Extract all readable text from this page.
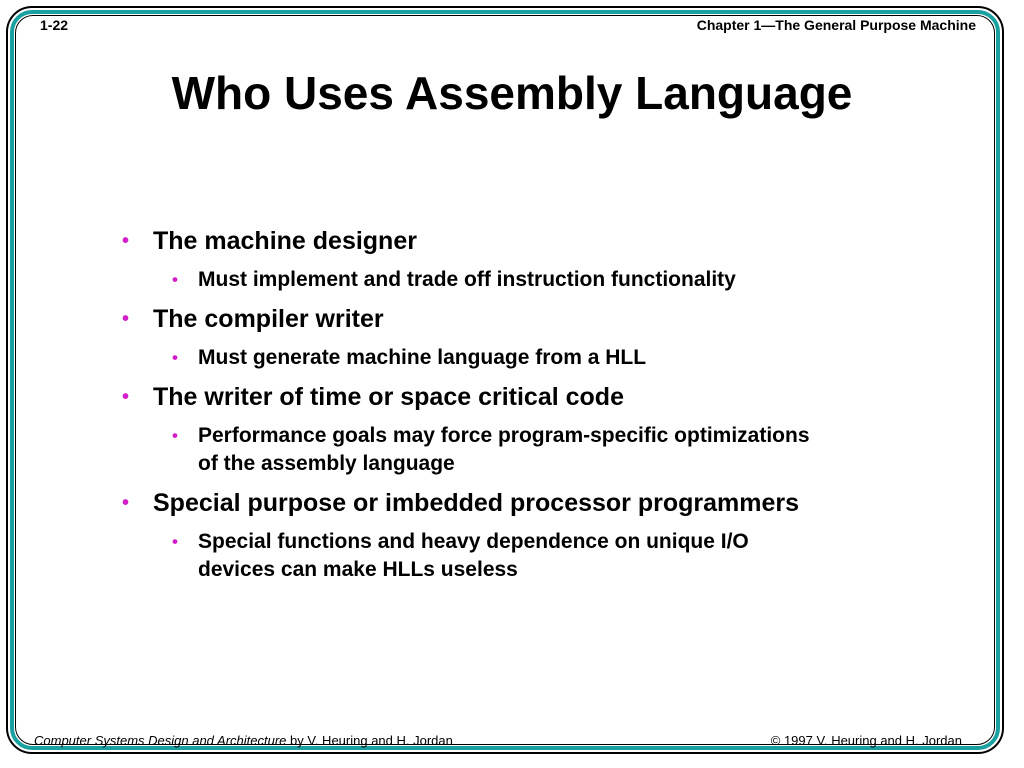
1-22	Chapter 1—The General Purpose Machine
Who Uses Assembly Language
• The machine designer
• Must implement and trade off instruction functionality
• The compiler writer
• Must generate machine language from a HLL
• The writer of time or space critical code
• Performance goals may force program-specific optimizations of the assembly language
• Special purpose or imbedded processor programmers
• Special functions and heavy dependence on unique I/O devices can make HLLs useless
Computer Systems Design and Architecture by V. Heuring and H. Jordan	© 1997 V. Heuring and H. Jordan
